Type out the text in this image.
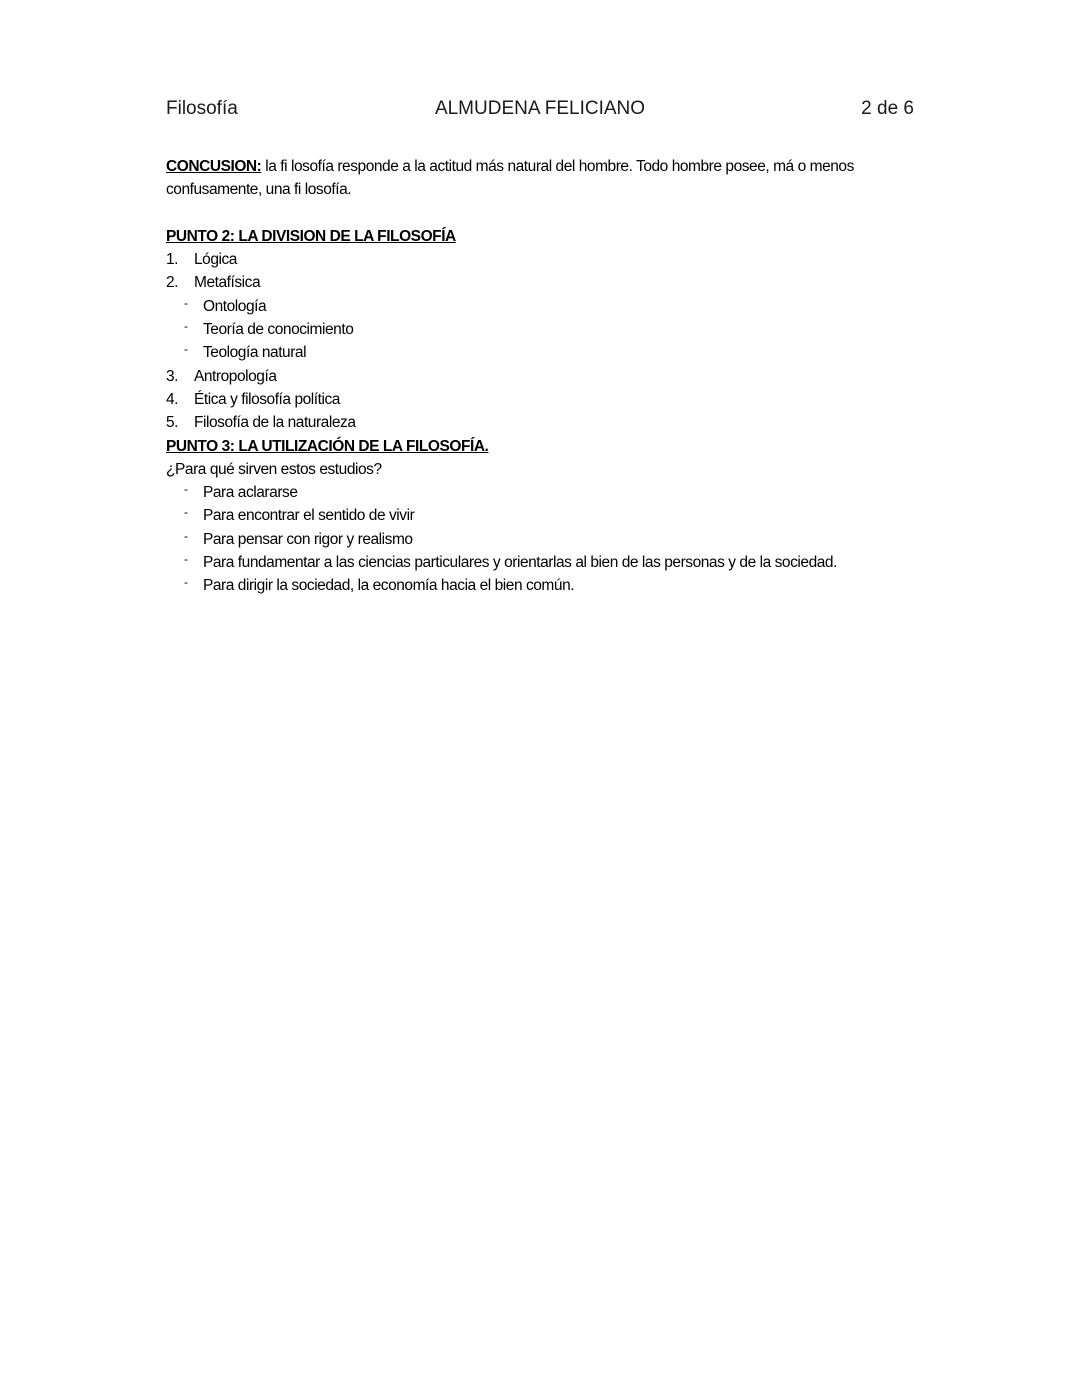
Filosofía	ALMUDENA FELICIANO	2 de 6

CONCUSION: la fi losofía responde a la actitud más natural del hombre. Todo hombre posee, má o menos confusamente, una fi losofía.

PUNTO 2: LA DIVISION DE LA FILOSOFÍA

1. Lógica
2. Metafísica
- Ontología
- Teoría de conocimiento
- Teología natural
3. Antropología
4. Ética y filosofía política
5. Filosofía de la naturaleza

PUNTO 3: LA UTILIZACIÓN DE LA FILOSOFÍA.

¿Para qué sirven estos estudios?

- Para aclararse
- Para encontrar el sentido de vivir
- Para pensar con rigor y realismo
- Para fundamentar a las ciencias particulares y orientarlas al bien de las personas y de la sociedad.
- Para dirigir la sociedad, la economía hacia el bien común.
